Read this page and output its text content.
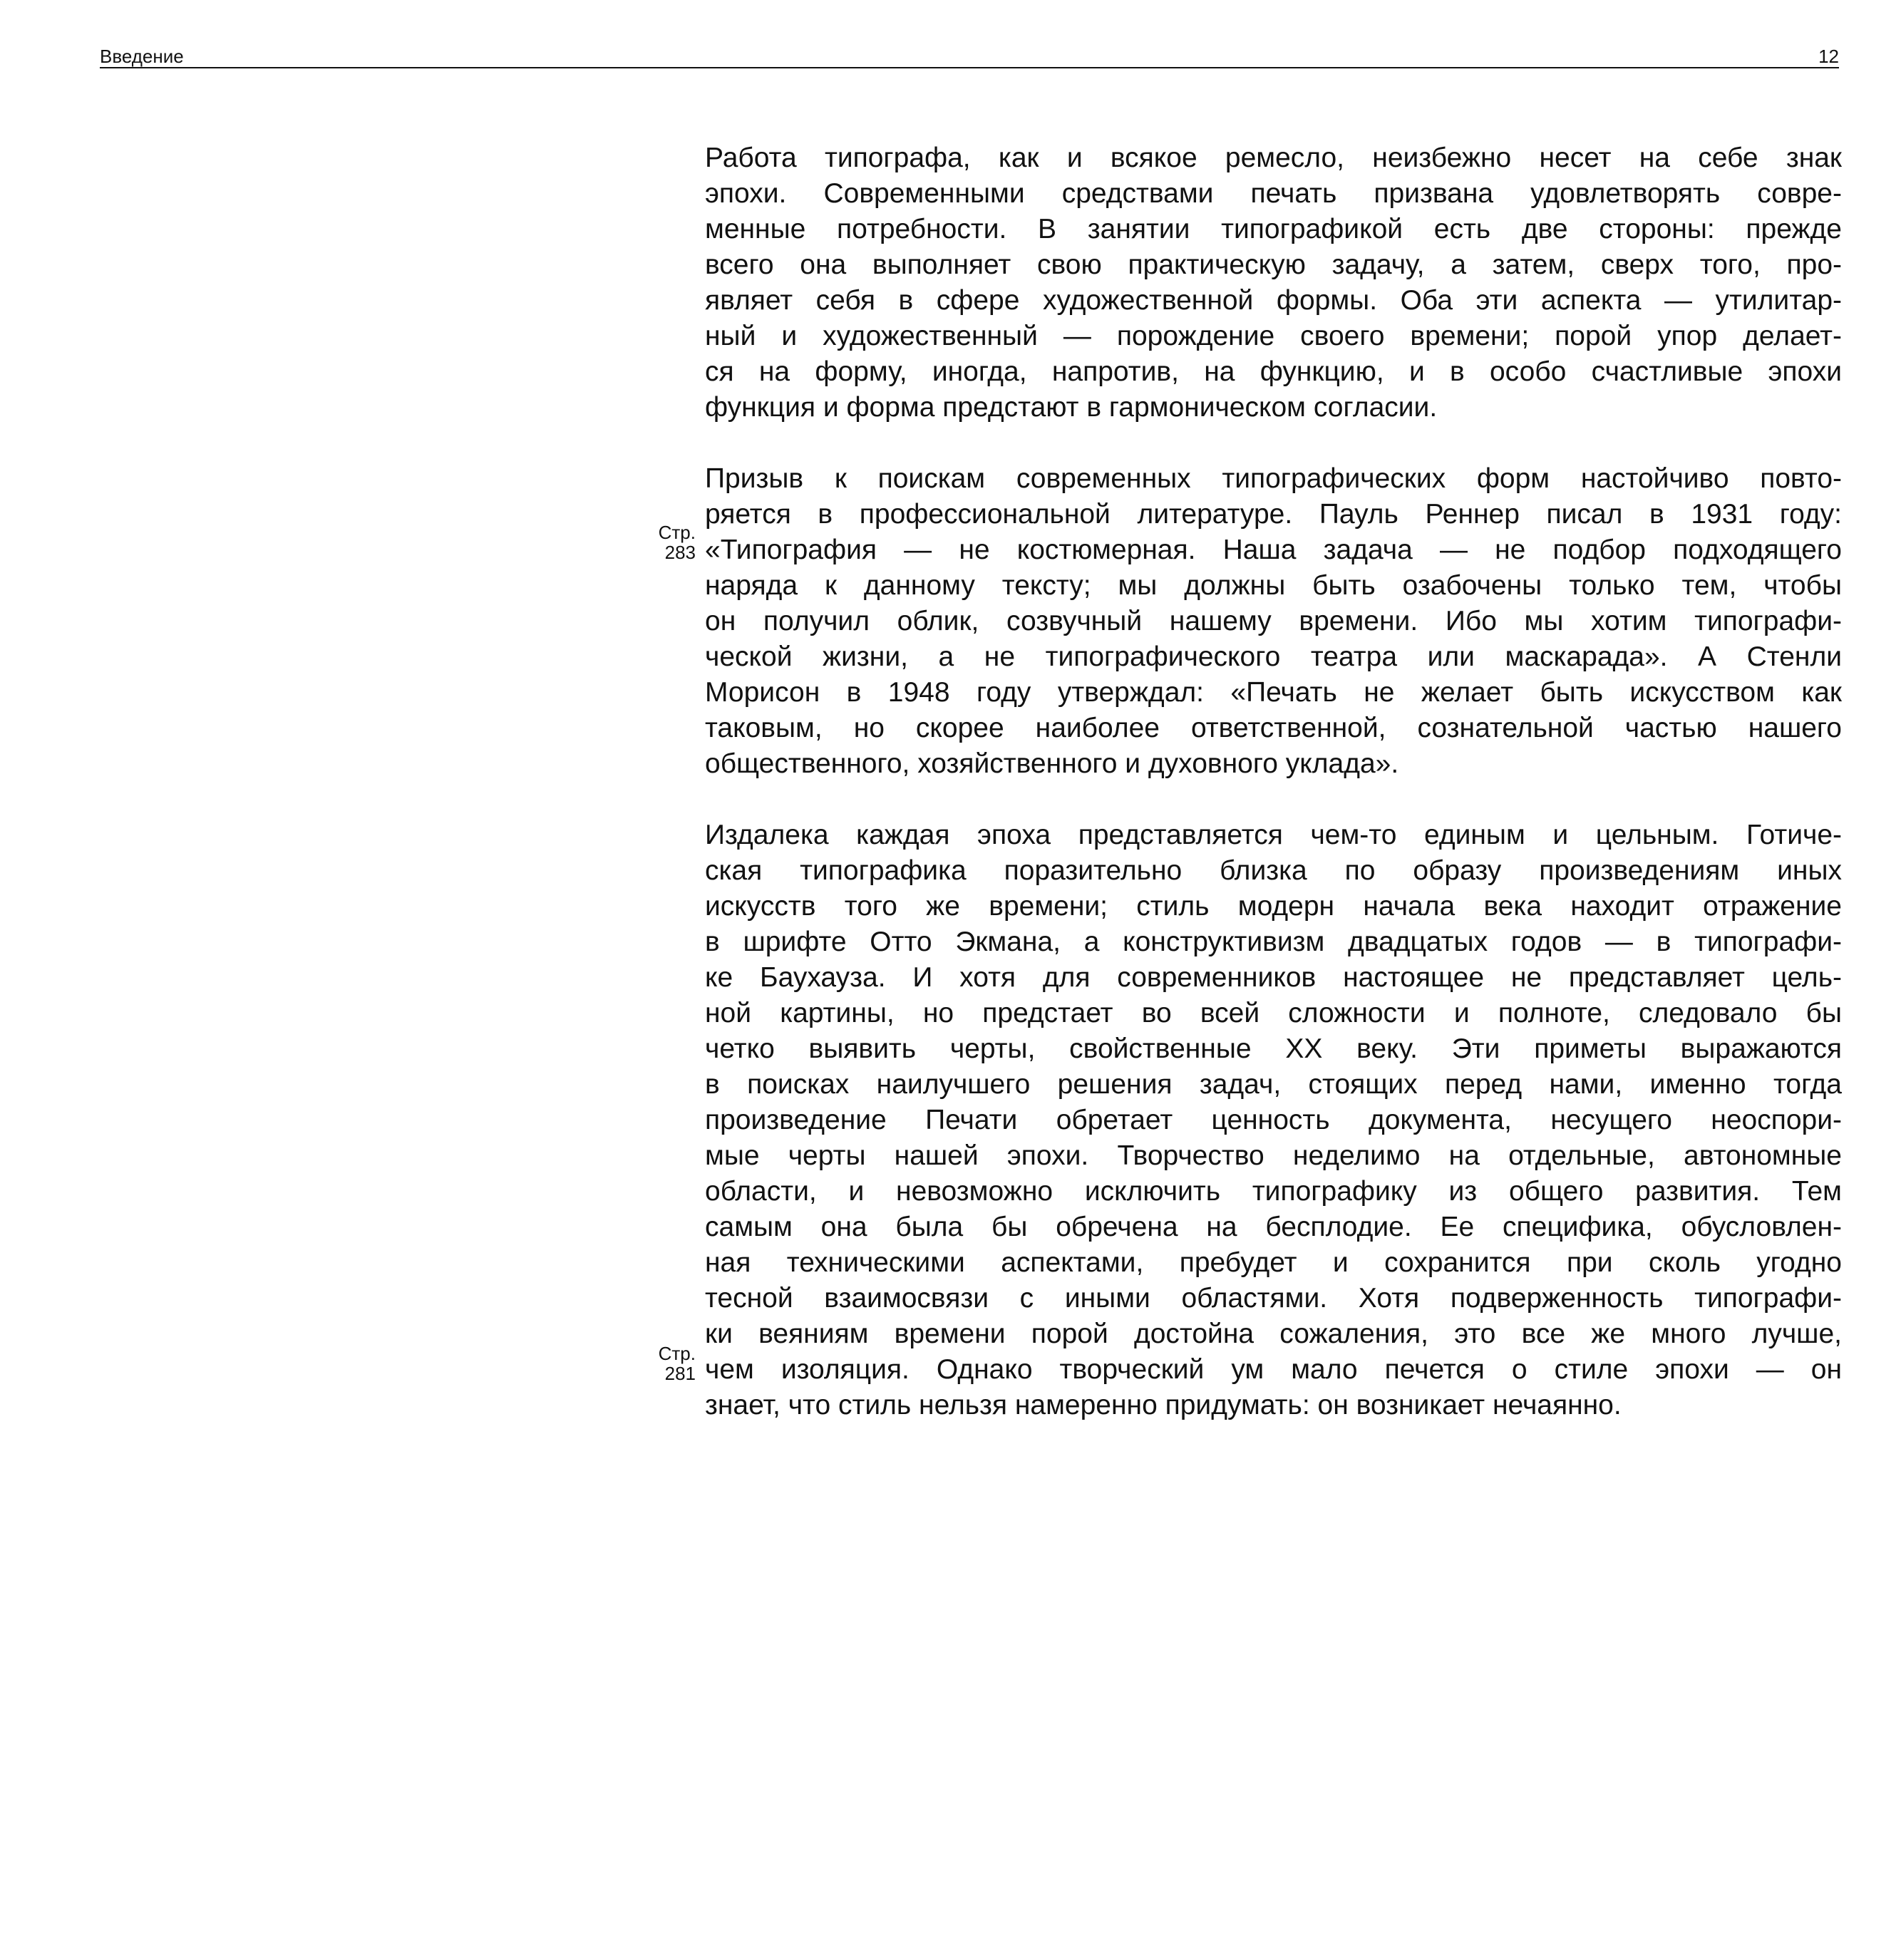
Введение	12
Стр.
283
Стр.
281
Работа типографа, как и всякое ремесло, неизбежно несет на себе знак
эпохи. Современными средствами печать призвана удовлетворять совре-
менные потребности. В занятии типографикой есть две стороны: прежде
всего она выполняет свою практическую задачу, а затем, сверх того, про-
являет себя в сфере художественной формы. Оба эти аспекта — утилитар-
ный и художественный — порождение своего времени; порой упор делает-
ся на форму, иногда, напротив, на функцию, и в особо счастливые эпохи
функция и форма предстают в гармоническом согласии.
Призыв к поискам современных типографических форм настойчиво повто-
ряется в профессиональной литературе. Пауль Реннер писал в 1931 году:
«Типография — не костюмерная. Наша задача — не подбор подходящего
наряда к данному тексту; мы должны быть озабочены только тем, чтобы
он получил облик, созвучный нашему времени. Ибо мы хотим типографи-
ческой жизни, а не типографического театра или маскарада». А Стенли
Морисон в 1948 году утверждал: «Печать не желает быть искусством как
таковым, но скорее наиболее ответственной, сознательной частью нашего
общественного, хозяйственного и духовного уклада».
Издалека каждая эпоха представляется чем-то единым и цельным. Готиче-
ская типографика поразительно близка по образу произведениям иных
искусств того же времени; стиль модерн начала века находит отражение
в шрифте Отто Экмана, а конструктивизм двадцатых годов — в типографи-
ке Баухауза. И хотя для современников настоящее не представляет цель-
ной картины, но предстает во всей сложности и полноте, следовало бы
четко выявить черты, свойственные XX веку. Эти приметы выражаются
в поисках наилучшего решения задач, стоящих перед нами, именно тогда
произведение Печати обретает ценность документа, несущего неоспори-
мые черты нашей эпохи. Творчество неделимо на отдельные, автономные
области, и невозможно исключить типографику из общего развития. Тем
самым она была бы обречена на бесплодие. Ее специфика, обусловлен-
ная техническими аспектами, пребудет и сохранится при сколь угодно
тесной взаимосвязи с иными областями. Хотя подверженность типографи-
ки веяниям времени порой достойна сожаления, это все же много лучше,
чем изоляция. Однако творческий ум мало печется о стиле эпохи — он
знает, что стиль нельзя намеренно придумать: он возникает нечаянно.
